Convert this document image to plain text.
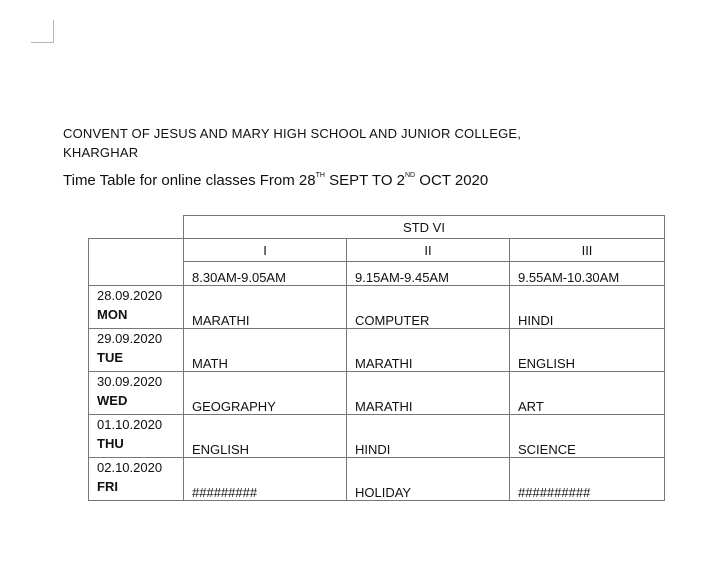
CONVENT OF JESUS AND MARY HIGH SCHOOL AND JUNIOR COLLEGE,
KHARGHAR
Time Table for online classes From 28TH SEPT TO 2ND OCT 2020
	STD VI		
	I	II	III
	8.30AM-9.05AM	9.15AM-9.45AM	9.55AM-10.30AM

28.09.2020
MON	MARATHI	COMPUTER	HINDI

29.09.2020
TUE	MATH	MARATHI	ENGLISH

30.09.2020
WED	GEOGRAPHY	MARATHI	ART

01.10.2020
THU	ENGLISH	HINDI	SCIENCE

02.10.2020
FRI	#########	HOLIDAY	##########
